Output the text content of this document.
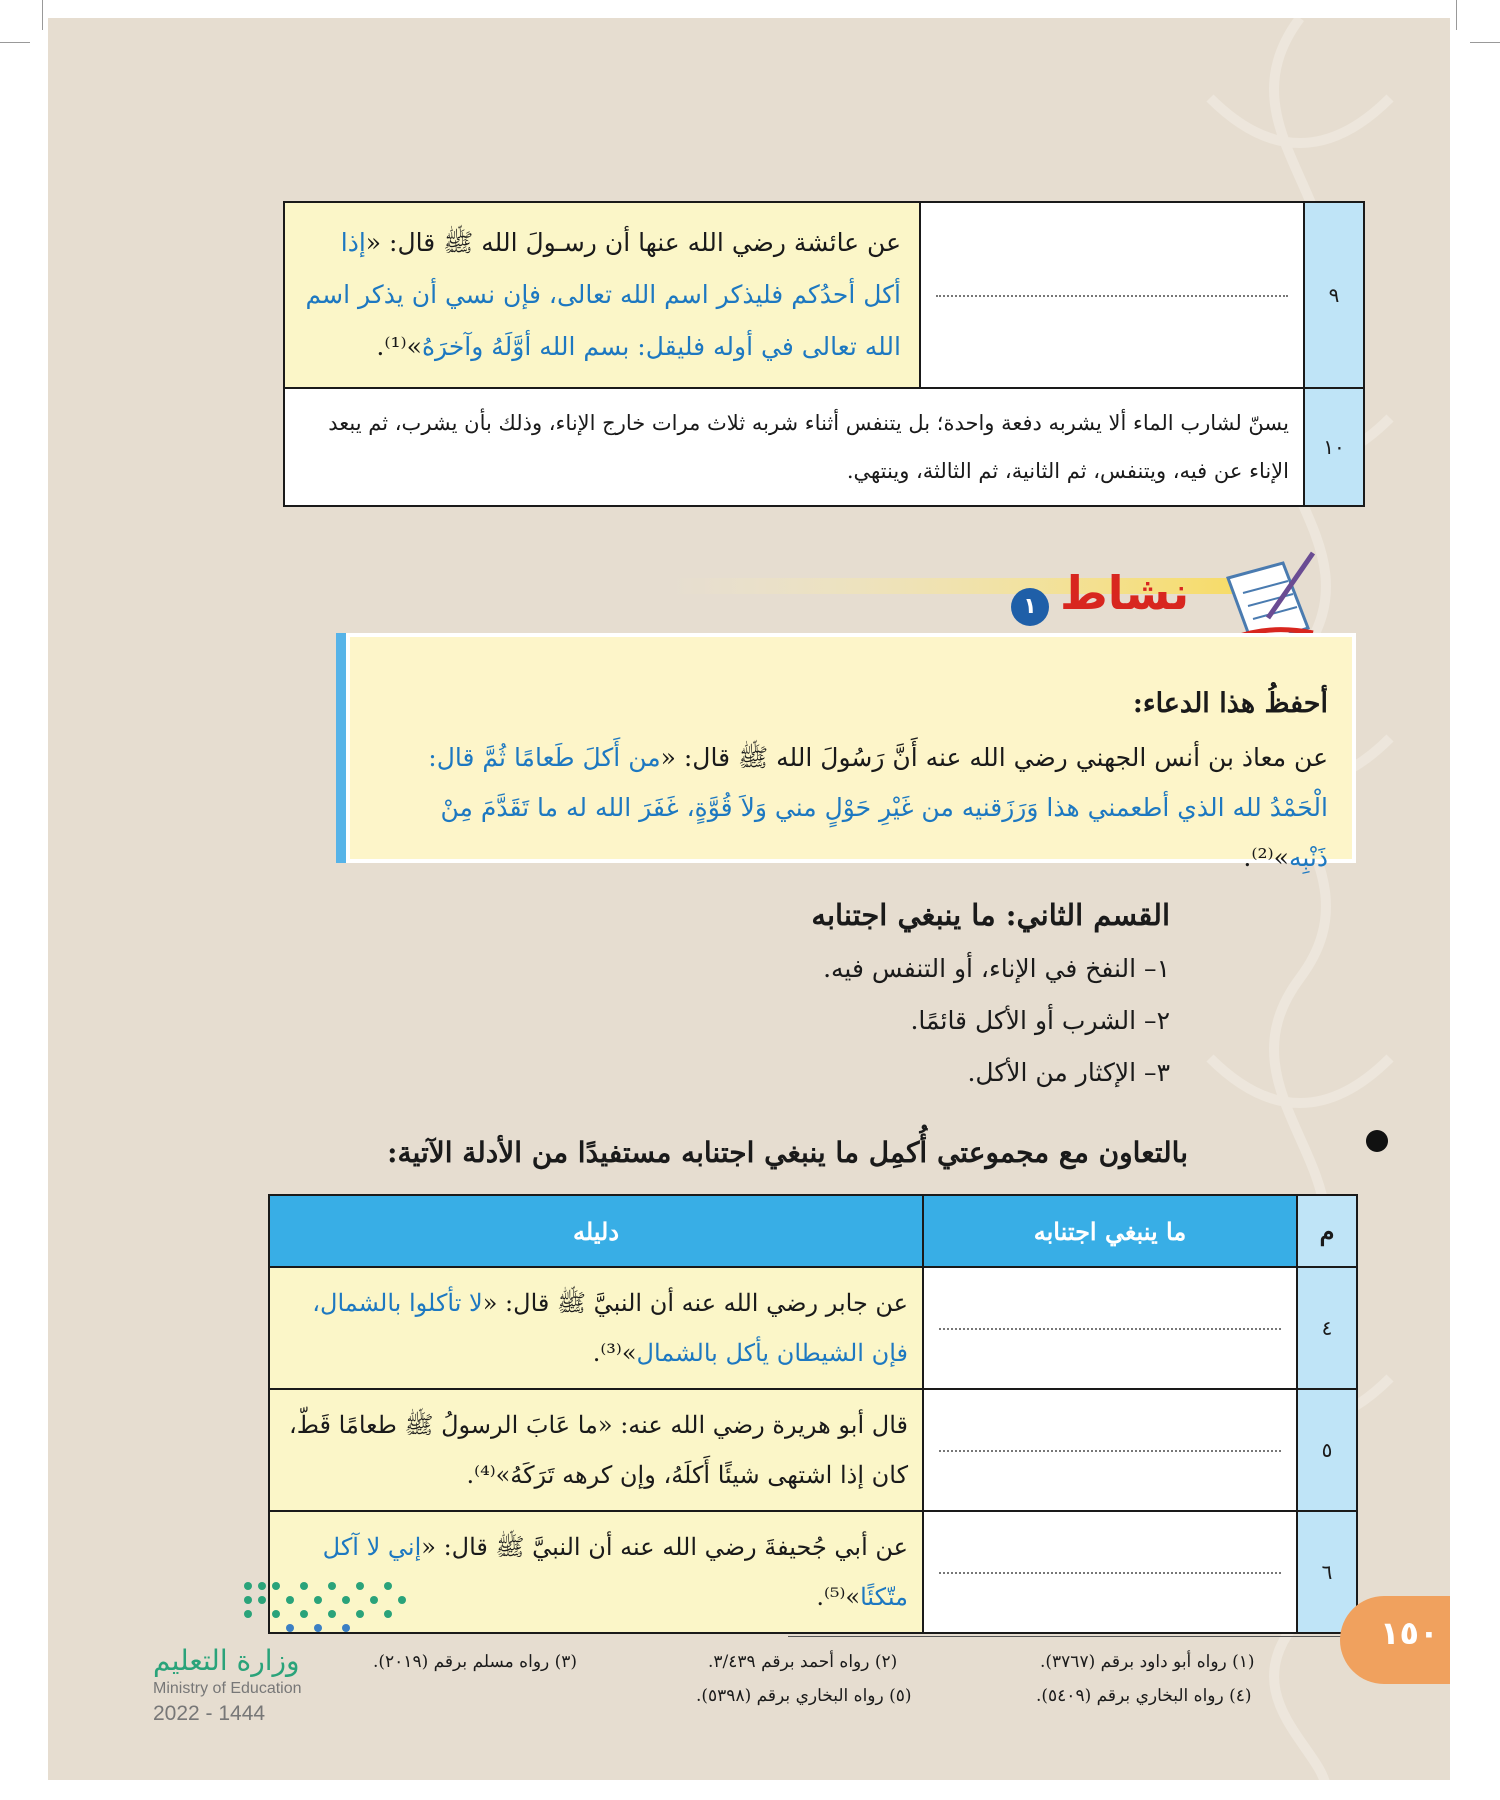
٩		عن عائشة رضي الله عنها أن رسـولَ الله ﷺ قال: «إذا أكل أحدُكم فليذكر اسم الله تعالى، فإن نسي أن يذكر اسم الله تعالى في أوله فليقل: بسم الله أوَّلَهُ وآخرَهُ»⁽¹⁾.
١٠	يسنّ لشارب الماء ألا يشربه دفعة واحدة؛ بل يتنفس أثناء شربه ثلاث مرات خارج الإناء، وذلك بأن يشرب، ثم يبعد الإناء عن فيه، ويتنفس، ثم الثانية، ثم الثالثة، وينتهي.	
نشاط
١
أحفظُ هذا الدعاء:
عن معاذ بن أنس الجهني رضي الله عنه أَنَّ رَسُولَ الله ﷺ قال: «من أَكلَ طَعامًا ثُمَّ قال: الْحَمْدُ لله الذي أطعمني هذا وَرَزَقنيه من غَيْرِ حَوْلٍ مني وَلاَ قُوَّةٍ، غَفَرَ الله له ما تَقَدَّمَ مِنْ ذَنْبِه»⁽²⁾.
القسم الثاني: ما ينبغي اجتنابه
١– النفخ في الإناء، أو التنفس فيه.
٢– الشرب أو الأكل قائمًا.
٣– الإكثار من الأكل.
بالتعاون مع مجموعتي أُكمِل ما ينبغي اجتنابه مستفيدًا من الأدلة الآتية:
م	ما ينبغي اجتنابه	دليله
٤		عن جابر رضي الله عنه أن النبيَّ ﷺ قال: «لا تأكلوا بالشمال، فإن الشيطان يأكل بالشمال»⁽³⁾.
٥		قال أبو هريرة رضي الله عنه: «ما عَابَ الرسولُ ﷺ طعامًا قَطّ، كان إذا اشتهى شيئًا أَكلَهُ، وإن كرهه تَرَكَهُ»⁽⁴⁾.
٦		عن أبي جُحيفةَ رضي الله عنه أن النبيَّ ﷺ قال: «إني لا آكل متّكئًا»⁽⁵⁾.
(١) رواه أبو داود برقم (٣٧٦٧).
(٢) رواه أحمد برقم ٣/٤٣٩.
(٣) رواه مسلم برقم (٢٠١٩).
(٤) رواه البخاري برقم (٥٤٠٩).
(٥) رواه البخاري برقم (٥٣٩٨).
١٥٠
وزارة التعليم
Ministry of Education
2022 - 1444
